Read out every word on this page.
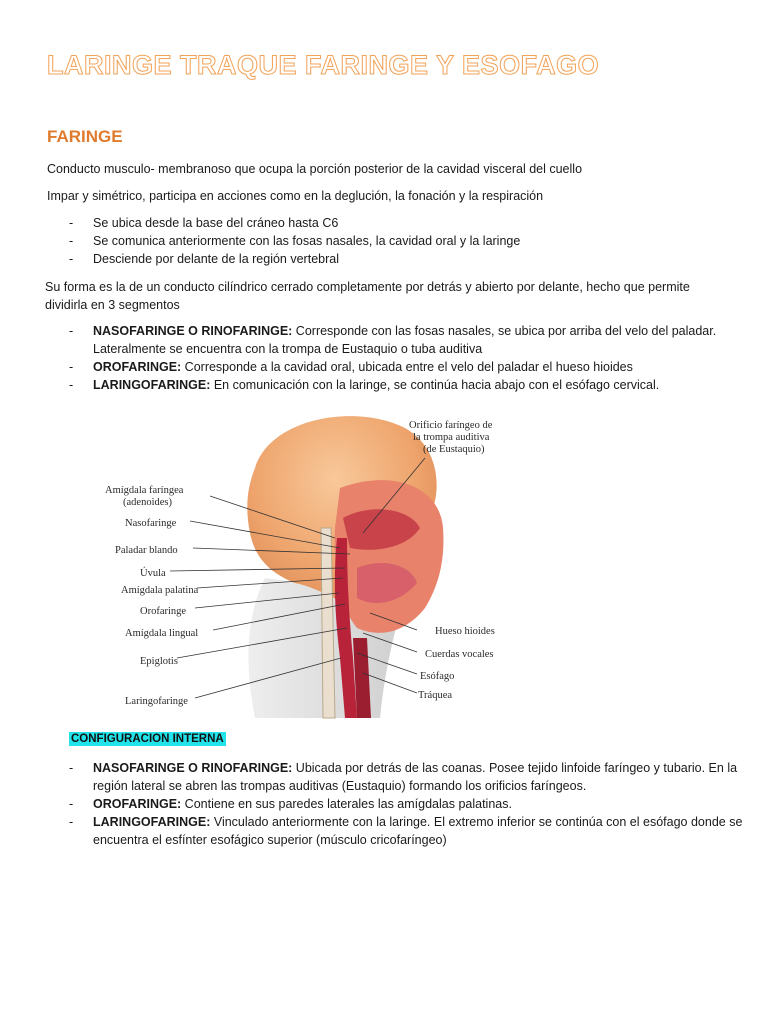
LARINGE TRAQUE FARINGE Y ESOFAGO
FARINGE

Conducto musculo- membranoso que ocupa la porción posterior de la cavidad visceral del cuello

Impar y simétrico, participa en acciones como en la deglución, la fonación y la respiración

- Se ubica desde la base del cráneo hasta C6
- Se comunica anteriormente con las fosas nasales, la cavidad oral y la laringe
- Desciende por delante de la región vertebral

Su forma es la de un conducto cilíndrico cerrado completamente por detrás y abierto por delante, hecho que permite dividirla en 3 segmentos

- NASOFARINGE O RINOFARINGE: Corresponde con las fosas nasales, se ubica por arriba del velo del paladar. Lateralmente se encuentra con la trompa de Eustaquio o tuba auditiva
- OROFARINGE: Corresponde a la cavidad oral, ubicada entre el velo del paladar el hueso hioides
- LARINGOFARINGE: En comunicación con la laringe, se continúa hacia abajo con el esófago cervical.
Amígdala faríngea (adenoides)
Nasofaringe
Paladar blando
Úvula
Amígdala palatina
Orofaringe
Amígdala lingual
Epiglotis
Laringofaringe
Orificio faríngeo de la trompa auditiva (de Eustaquio)
Hueso hioides
Cuerdas vocales
Esófago
Tráquea
CONFIGURACION INTERNA
- NASOFARINGE O RINOFARINGE: Ubicada por detrás de las coanas. Posee tejido linfoide faríngeo y tubario. En la región lateral se abren las trompas auditivas (Eustaquio) formando los orificios faríngeos.
- OROFARINGE: Contiene en sus paredes laterales las amígdalas palatinas.
- LARINGOFARINGE: Vinculado anteriormente con la laringe. El extremo inferior se continúa con el esófago donde se encuentra el esfínter esofágico superior (músculo cricofaríngeo)
